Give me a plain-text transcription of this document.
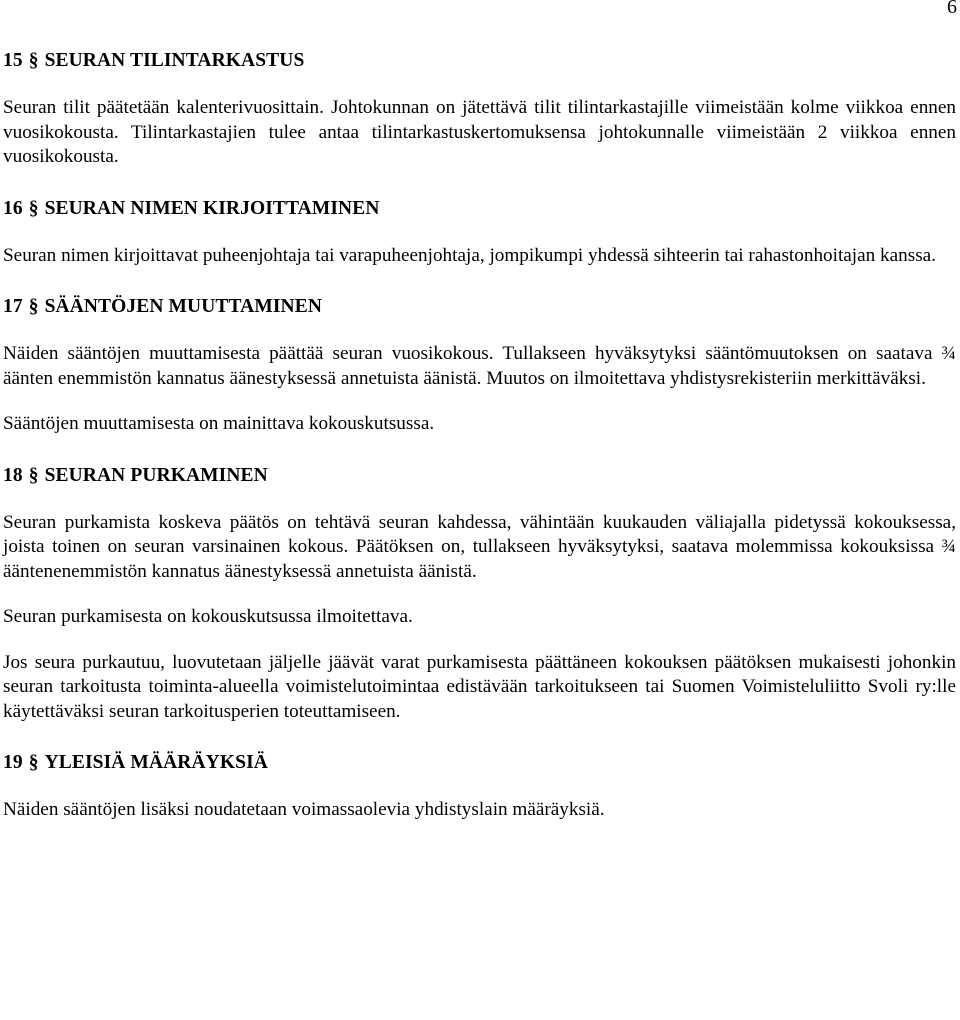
6
15 § SEURAN TILINTARKASTUS

Seuran tilit päätetään kalenterivuosittain. Johtokunnan on jätettävä tilit tilintarkastajille viimeistään kolme viikkoa ennen vuosikokousta. Tilintarkastajien tulee antaa tilintarkastuskertomuksensa johtokunnalle viimeistään 2 viikkoa ennen vuosikokousta.

16 § SEURAN NIMEN KIRJOITTAMINEN

Seuran nimen kirjoittavat puheenjohtaja tai varapuheenjohtaja, jompikumpi yhdessä sihteerin tai rahastonhoitajan kanssa.

17 § SÄÄNTÖJEN MUUTTAMINEN

Näiden sääntöjen muuttamisesta päättää seuran vuosikokous. Tullakseen hyväksytyksi sääntömuutoksen on saatava ¾ äänten enemmistön kannatus äänestyksessä annetuista äänistä. Muutos on ilmoitettava yhdistysrekisteriin merkittäväksi.

Sääntöjen muuttamisesta on mainittava kokouskutsussa.

18 § SEURAN PURKAMINEN

Seuran purkamista koskeva päätös on tehtävä seuran kahdessa, vähintään kuukauden väliajalla pidetyssä kokouksessa, joista toinen on seuran varsinainen kokous. Päätöksen on, tullakseen hyväksytyksi, saatava molemmissa kokouksissa ¾ ääntenenemmistön kannatus äänestyksessä annetuista äänistä.

Seuran purkamisesta on kokouskutsussa ilmoitettava.

Jos seura purkautuu, luovutetaan jäljelle jäävät varat purkamisesta päättäneen kokouksen päätöksen mukaisesti johonkin seuran tarkoitusta toiminta-alueella voimistelutoimintaa edistävään tarkoitukseen tai Suomen Voimisteluliitto Svoli ry:lle käytettäväksi seuran tarkoitusperien toteuttamiseen.

19 § YLEISIÄ MÄÄRÄYKSIÄ

Näiden sääntöjen lisäksi noudatetaan voimassaolevia yhdistyslain määräyksiä.
